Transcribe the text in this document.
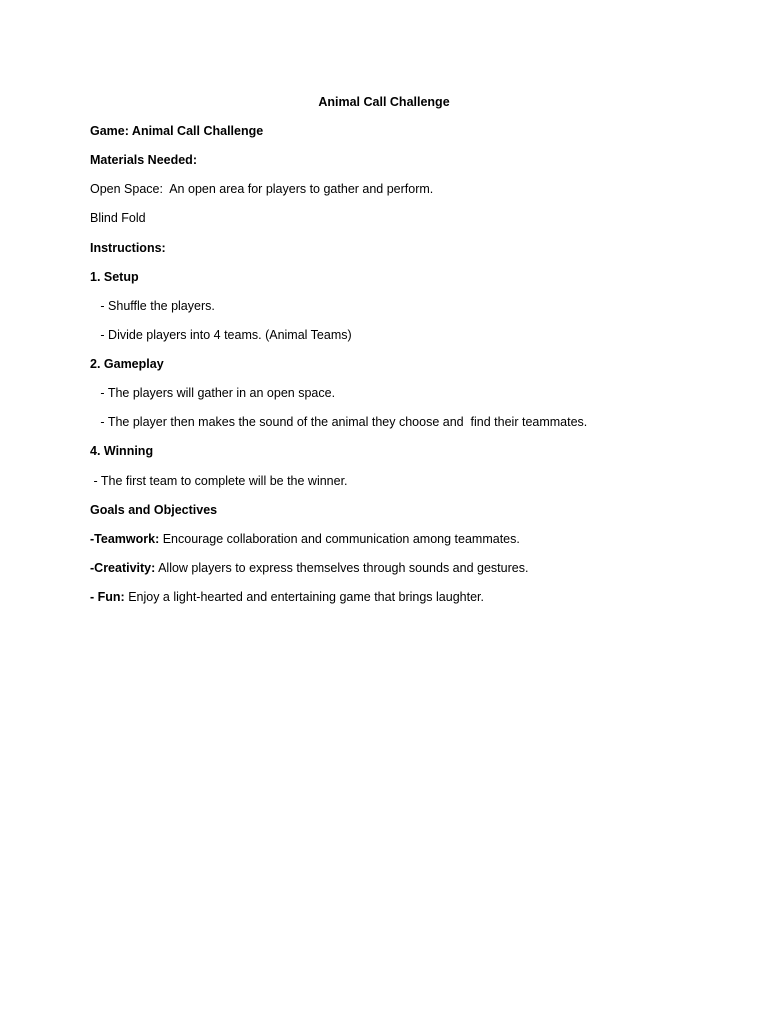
Animal Call Challenge
Game: Animal Call Challenge
Materials Needed:
Open Space:  An open area for players to gather and perform.
Blind Fold
Instructions:
1. Setup
- Shuffle the players.
- Divide players into 4 teams. (Animal Teams)
2. Gameplay
- The players will gather in an open space.
- The player then makes the sound of the animal they choose and  find their teammates.
4. Winning
- The first team to complete will be the winner.
Goals and Objectives
-Teamwork: Encourage collaboration and communication among teammates.
-Creativity: Allow players to express themselves through sounds and gestures.
- Fun: Enjoy a light-hearted and entertaining game that brings laughter.
